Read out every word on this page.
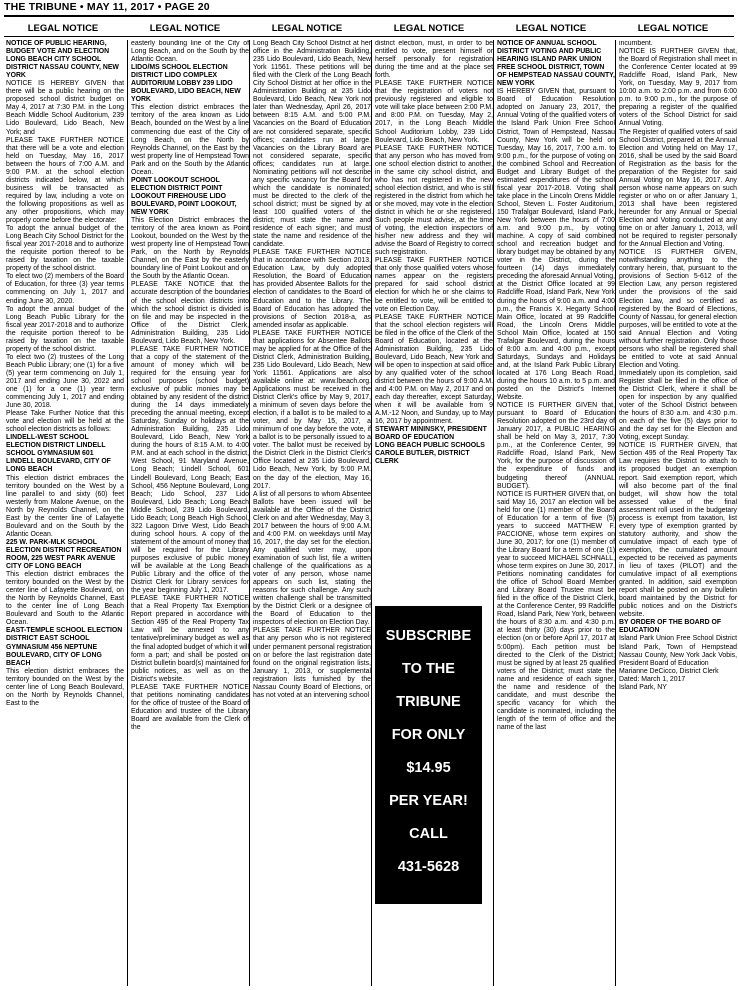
THE TRIBUNE • MAY 11, 2017 • PAGE 20
LEGAL NOTICE	LEGAL NOTICE	LEGAL NOTICE	LEGAL NOTICE	LEGAL NOTICE	LEGAL NOTICE

NOTICE OF PUBLIC HEARING, BUDGET VOTE AND ELECTION LONG BEACH CITY SCHOOL DISTRICT NASSAU COUNTY, NEW YORK

NOTICE IS HEREBY GIVEN that there will be a public hearing on the proposed school district budget on May 4, 2017 at 7:30 P.M. in the Long Beach Middle School Auditorium, 239 Lido Boulevard, Lido Beach, New York; and

PLEASE TAKE FURTHER NOTICE that there will be a vote and election held on Tuesday, May 16, 2017 between the hours of 7:00 A.M. and 9:00 P.M. at the school election districts indicated below, at which business will be transacted as required by law, including a vote on the following propositions as well as any other propositions, which may properly come before the electorate:

To adopt the annual budget of the Long Beach City School District for the fiscal year 2017-2018 and to authorize the requisite portion thereof to be raised by taxation on the taxable property of the school district.

To elect two (2) members of the Board of Education, for three (3) year terms commencing on July 1, 2017 and ending June 30, 2020.

To adopt the annual budget of the Long Beach Public Library for the fiscal year 2017-2018 and to authorize the requisite portion thereof to be raised by taxation on the taxable property of the school district.

To elect two (2) trustees of the Long Beach Public Library; one (1) for a five (5) year term commencing on July 1, 2017 and ending June 30, 2022 and one (1) for a one (1) year term commencing July 1, 2017 and ending June 30, 2018.

Please Take Further Notice that this vote and election will be held at the school election districts as follows:

LINDELL-WEST SCHOOL ELECTION DISTRICT LINDELL SCHOOL GYMNASIUM 601 LINDELL BOULEVARD, CITY OF LONG BEACH

This election district embraces the territory bounded on the West by a line parallel to and sixty (60) feet westerly from Malone Avenue, on the North by Reynolds Channel, on the East by the center line of Lafayette Boulevard and on the South by the Atlantic Ocean.

225 W. PARK-MLK SCHOOL ELECTION DISTRICT RECREATION ROOM, 225 WEST PARK AVENUE CITY OF LONG BEACH

This election district embraces the territory bounded on the West by the center line of Lafayette Boulevard, on the North by Reynolds Channel, East to the center line of Long Beach Boulevard and South to the Atlantic Ocean.

EAST-TEMPLE SCHOOL ELECTION DISTRICT EAST SCHOOL GYMNASIUM 456 NEPTUNE BOULEVARD, CITY OF LONG BEACH

This election district embraces the territory bounded on the West by the center line of Long Beach Boulevard, on the North by Reynolds Channel, East to the

easterly bounding line of the City of Long Beach, and on the South by the Atlantic Ocean.

LIDO/MS SCHOOL ELECTION DISTRICT LIDO COMPLEX AUDITORIUM LOBBY 239 LIDO BOULEVARD, LIDO BEACH, NEW YORK

This election district embraces the territory of the area known as Lido Beach, bounded on the West by a line commencing due east of the City of Long Beach, on the North by Reynolds Channel, on the East by the west property line of Hempstead Town Park and on the South by the Atlantic Ocean.

POINT LOOKOUT SCHOOL ELECTION DISTRICT POINT LOOKOUT FIREHOUSE LIDO BOULEVARD, POINT LOOKOUT, NEW YORK

This Election District embraces the territory of the area known as Point Lookout, bounded on the West by the west property line of Hempstead Town Park, on the North by Reynolds Channel, on the East by the easterly boundary line of Point Lookout and on the South by the Atlantic Ocean.

PLEASE TAKE NOTICE that the accurate description of the boundaries of the school election districts into which the school district is divided is on file and may be inspected in the Office of the District Clerk, Administration Building, 235 Lido Boulevard, Lido Beach, New York.

PLEASE TAKE FURTHER NOTICE that a copy of the statement of the amount of money which will be required for the ensuing year for school purposes (school budget) exclusive of public monies may be obtained by any resident of the district during the 14 days immediately preceding the annual meeting, except Saturday, Sunday or holidays at the Administration Building, 235 Lido Boulevard, Lido Beach, New York during the hours of 8:15 A.M. to 4:00 P.M. and at each school in the district, West School, 91 Maryland Avenue, Long Beach; Lindell School, 601 Lindell Boulevard, Long Beach; East School, 456 Neptune Boulevard, Long Beach; Lido School, 237 Lido Boulevard, Lido Beach; Long Beach Middle School, 239 Lido Boulevard, Lido Beach; Long Beach High School, 322 Lagoon Drive West, Lido Beach during school hours. A copy of the statement of the amount of money that will be required for the Library purposes exclusive of public money will be available at the Long Beach Public Library and the office of the District Clerk for Library services for the year beginning July 1, 2017.

PLEASE TAKE FURTHER NOTICE that a Real Property Tax Exemption Report prepared in accordance with Section 495 of the Real Property Tax Law will be annexed to any tentative/preliminary budget as well as the final adopted budget of which it will form a part; and shall be posted on District bulletin board(s) maintained for public notices, as well as on the District's website.

PLEASE TAKE FURTHER NOTICE that petitions nominating candidates for the office of trustee of the Board of Education and trustee of the Library Board are available from the Clerk of the

Long Beach City School District at her office in the Administration Building, 235 Lido Boulevard, Lido Beach, New York 11561. These petitions will be filed with the Clerk of the Long Beach City School District at her office in the Administration Building at 235 Lido Boulevard, Lido Beach, New York not later than Wednesday, April 26, 2017 between 8:15 A.M. and 5:00 P.M. Vacancies on the Board of Education are not considered separate, specific offices; candidates run at large. Vacancies on the Library Board are not considered separate, specific offices; candidates run at large. Nominating petitions will not describe any specific vacancy for the Board for which the candidate is nominated; must be directed to the clerk of the school district; must be signed by at least 100 qualified voters of the district; must state the name and residence of each signer; and must state the name and residence of the candidate.

PLEASE TAKE FURTHER NOTICE that in accordance with Section 2013, Education Law, by duly adopted Resolution, the Board of Education has provided Absentee Ballots for the election of candidates to the Board of Education and to the Library. The Board of Education has adopted the provisions of Section 2018-a, as amended insofar as applicable.

PLEASE TAKE FURTHER NOTICE that applications for Absentee Ballots may be applied for at the Office of the District Clerk, Administration Building, 235 Lido Boulevard, Lido Beach, New York 11561. Applications are also available online at: www.lbeach.org. Applications must be received in the District Clerk's office by May 9, 2017, a minimum of seven days before the election, if a ballot is to be mailed to a voter, and by May 15, 2017, a minimum of one day before the vote, if a ballot is to be personally issued to a voter. The ballot must be received by the District Clerk in the District Clerk's Office located at 235 Lido Boulevard, Lido Beach, New York, by 5:00 P.M. on the day of the election, May 16, 2017.

A list of all persons to whom Absentee Ballots have been issued will be available at the Office of the District Clerk on and after Wednesday, May 3, 2017 between the hours of 9:00 A.M. and 4:00 P.M. on weekdays until May 16, 2017, the day set for the election. Any qualified voter may, upon examination of such list, file a written challenge of the qualifications as a voter of any person, whose name appears on such list, stating the reasons for such challenge. Any such written challenge shall be transmitted by the District Clerk or a designee of the Board of Education to the inspectors of election on Election Day.

PLEASE TAKE FURTHER NOTICE that any person who is not registered under permanent personal registration on or before the last registration date found on the original registration lists, January 1, 2013, or supplemental registration lists furnished by the Nassau County Board of Elections, or has not voted at an intervening school

district election, must, in order to be entitled to vote, present himself or herself personally for registration during the time and at the place set forth.

PLEASE TAKE FURTHER NOTICE that the registration of voters not previously registered and eligible to vote will take place between 2:00 P.M. and 8:00 P.M. on Tuesday, May 2, 2017, in the Long Beach Middle School Auditorium Lobby, 239 Lido Boulevard, Lido Beach, New York.

PLEASE TAKE FURTHER NOTICE that any person who has moved from one school election district to another, in the same city school district, and who has not registered in the new school election district, and who is still registered in the district from which he or she moved, may vote in the election district in which he or she registered. Such people must advise, at the time of voting, the election inspectors of his/her new address and they will advise the Board of Registry to correct such registration.

PLEASE TAKE FURTHER NOTICE that only those qualified voters whose names appear on the registers prepared for said school district election for which he or she claims to be entitled to vote, will be entitled to vote on Election Day.

PLEASE TAKE FURTHER NOTICE that the school election registers will be filed in the office of the Clerk of the Board of Education, located at the Administration Building, 235 Lido Boulevard, Lido Beach, New York and will be open to inspection at said office by any qualified voter of the school district between the hours of 9:00 A.M. and 4:00 P.M. on May 2, 2017 and on each day thereafter, except Saturday, when it will be available from 9 A.M.-12 Noon, and Sunday, up to May 16, 2017 by appointment.

STEWART MININSKY, PRESIDENT

BOARD OF EDUCATION

LONG BEACH PUBLIC SCHOOLS

CAROLE BUTLER, DISTRICT CLERK

SUBSCRIBE
TO THE
TRIBUNE
FOR ONLY
$14.95
PER YEAR!
CALL
431-5628

NOTICE OF ANNUAL SCHOOL DISTRICT VOTING AND PUBLIC HEARING ISLAND PARK UNION FREE SCHOOL DISTRICT, TOWN OF HEMPSTEAD NASSAU COUNTY, NEW YORK

IS HEREBY GIVEN that, pursuant to Board of Education Resolution adopted on January 23, 2017, the Annual Voting of the qualified voters of the Island Park Union Free School District, Town of Hempstead, Nassau County, New York will be held on Tuesday, May 16, 2017, 7:00 a.m. to 9:00 p.m., for the purpose of voting on the combined School and Recreation Budget and Library Budget of the estimated expenditures of the school fiscal year 2017-2018. Voting shall take place in the Lincoln Orens Middle School, Steven L. Foster Auditorium, 150 Trafalgar Boulevard, Island Park, New York between the hours of 7:00 a.m. and 9:00 p.m., by voting machine. A copy of said combined school and recreation budget and library budget may be obtained by any voter in the District, during the fourteen (14) days immediately preceding the aforesaid Annual Voting, at the District Office located at 99 Radcliffe Road, Island Park, New York during the hours of 9:00 a.m. and 4:00 p.m., the Francis X. Hegarty School Main Office, located at 99 Radcliffe Road, the Lincoln Orens Middle School Main Office, located at 150 Trafalgar Boulevard, during the hours of 8:00 a.m. and 4:00 p.m., except Saturdays, Sundays and Holidays and, at the Island Park Public Library located at 176 Long Beach Road, during the hours 10 a.m. to 5 p.m. and posted on the District's Internet Website.

NOTICE IS FURTHER GIVEN that, pursuant to Board of Education Resolution adopted on the 23rd day of January 2017, a PUBLIC HEARING shall be held on May 3, 2017, 7:30 p.m., at the Conference Center, 99 Radcliffe Road, Island Park, New York, for the purpose of discussion of the expenditure of funds and budgeting thereof (ANNUAL BUDGET).

NOTICE IS FURTHER GIVEN that, on said May 16, 2017 an election will be held for one (1) member of the Board of Education for a term of five (5) years to succeed MATTHEW F. PACCIONE, whose term expires on June 30, 2017; for one (1) member of the Library Board for a term of one (1) year to succeed MICHAEL SCHNALL, whose term expires on June 30, 2017. Petitions nominating candidates for the office of School Board Member and Library Board Trustee must be filed in the office of the District Clerk, at the Conference Center, 99 Radcliffe Road, Island Park, New York, between the hours of 8:30 a.m. and 4:30 p.m. at least thirty (30) days prior to the election (on or before April 17, 2017 at 5:00pm). Each petition must be directed to the Clerk of the District; must be signed by at least 25 qualified voters of the District; must state the name and residence of each signer, the name and residence of the candidate, and must describe the specific vacancy for which the candidate is nominated, including the length of the term of office and the name of the last

incumbent.

NOTICE IS FURTHER GIVEN that, the Board of Registration shall meet in the Conference Center located at 99 Radcliffe Road, Island Park, New York, on Tuesday, May 9, 2017 from 10:00 a.m. to 2:00 p.m. and from 6:00 p.m. to 9:00 p.m., for the purpose of preparing a register of the qualified voters of the School District for said Annual Voting.

The Register of qualified voters of said School District, prepared at the Annual Election and Voting held on May 17, 2016, shall be used by the said Board of Registration as the basis for the preparation of the Register for said Annual Voting on May 16, 2017. Any person whose name appears on such register or who on or after January 1, 2013 shall have been registered hereunder for any Annual or Special Election and Voting conducted at any time on or after January 1, 2013, will not be required to register personally for the Annual Election and Voting.

NOTICE IS FURTHER GIVEN, notwithstanding anything to the contrary herein, that, pursuant to the provisions of Section 5-612 of the Election Law, any person registered under the provisions of the said Election Law, and so certified as registered by the Board of Elections, County of Nassau, for general election purposes, will be entitled to vote at the said Annual Election and Voting without further registration. Only those persons who shall be registered shall be entitled to vote at said Annual Election and Voting.

Immediately upon its completion, said Register shall be filed in the office of the District Clerk, where it shall be open for inspection by any qualified voter of the School District between the hours of 8:30 a.m. and 4:30 p.m. on each of the five (5) days prior to and the day set for the Election and Voting, except Sunday.

NOTICE IS FURTHER GIVEN, that Section 495 of the Real Property Tax Law requires the District to attach to its proposed budget an exemption report. Said exemption report, which will also become part of the final budget, will show how the total assessed value of the final assessment roll used in the budgetary process is exempt from taxation, list every type of exemption granted by statutory authority, and show the cumulative impact of each type of exemption, the cumulated amount expected to be received as payments in lieu of taxes (PILOT) and the cumulative impact of all exemptions granted. In addition, said exemption report shall be posted on any bulletin board maintained by the District for public notices and on the District's website.

BY ORDER OF THE BOARD OF EDUCATION

Island Park Union Free School District Island Park, Town of Hempstead Nassau County, New York Jack Vobis, President Board of Education

Marianne DeCicco, District Clerk

Dated: March 1, 2017

Island Park, NY
